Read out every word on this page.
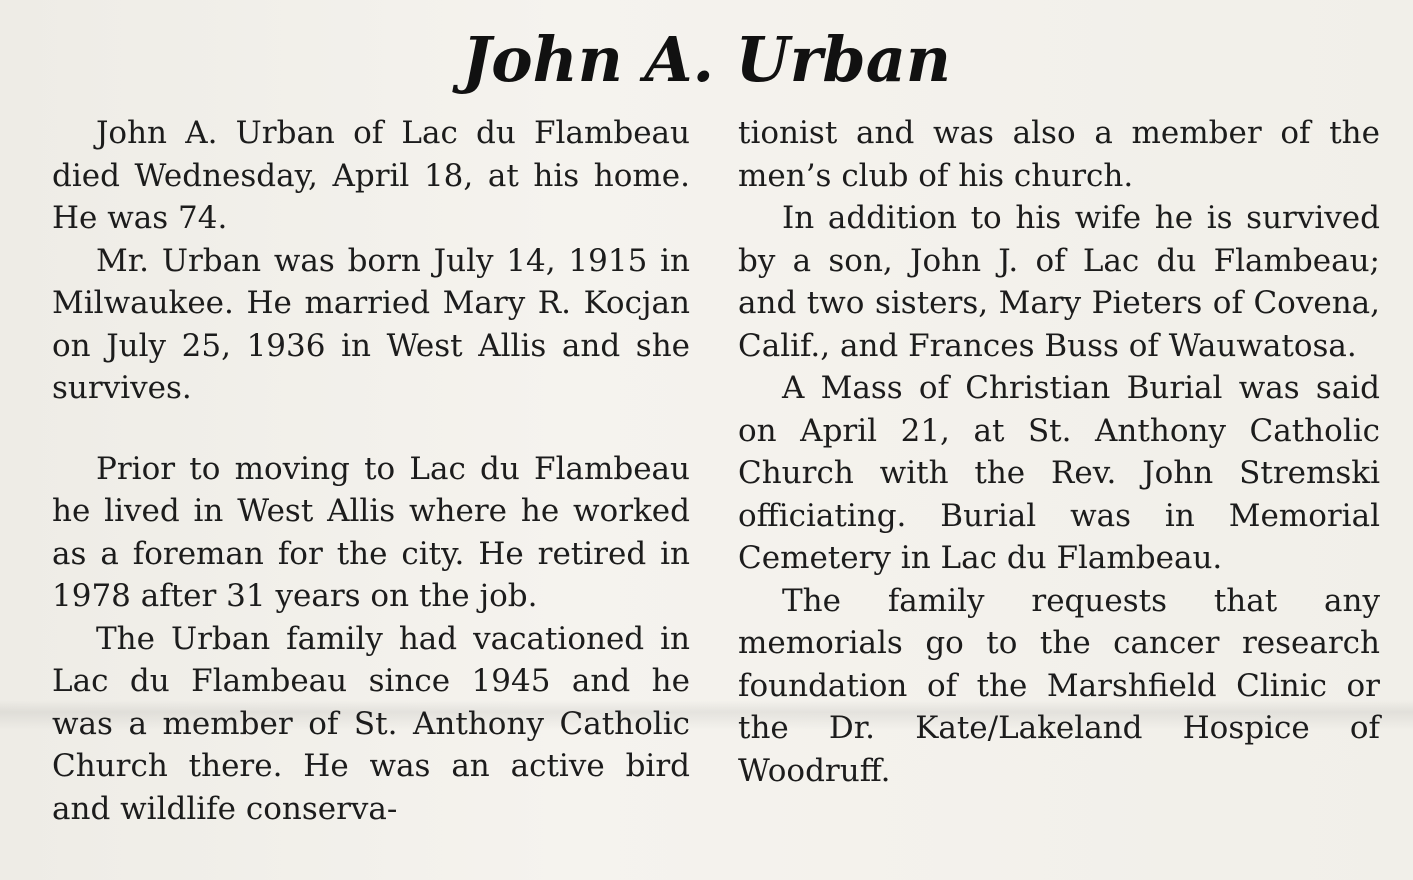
John A. Urban

John A. Urban of Lac du Flambeau died Wednesday, April 18, at his home. He was 74.

Mr. Urban was born July 14, 1915 in Milwaukee. He married Mary R. Kocjan on July 25, 1936 in West Allis and she survives.

Prior to moving to Lac du Flambeau he lived in West Allis where he worked as a foreman for the city. He retired in 1978 after 31 years on the job.

The Urban family had vacationed in Lac du Flambeau since 1945 and he was a member of St. Anthony Catholic Church there. He was an active bird and wildlife conserva-

tionist and was also a member of the men’s club of his church.

In addition to his wife he is survived by a son, John J. of Lac du Flambeau; and two sisters, Mary Pieters of Covena, Calif., and Frances Buss of Wauwatosa.

A Mass of Christian Burial was said on April 21, at St. Anthony Catholic Church with the Rev. John Stremski officiating. Burial was in Memorial Cemetery in Lac du Flambeau.

The family requests that any memorials go to the cancer research foundation of the Marshfield Clinic or the Dr. Kate/Lakeland Hospice of Woodruff.
